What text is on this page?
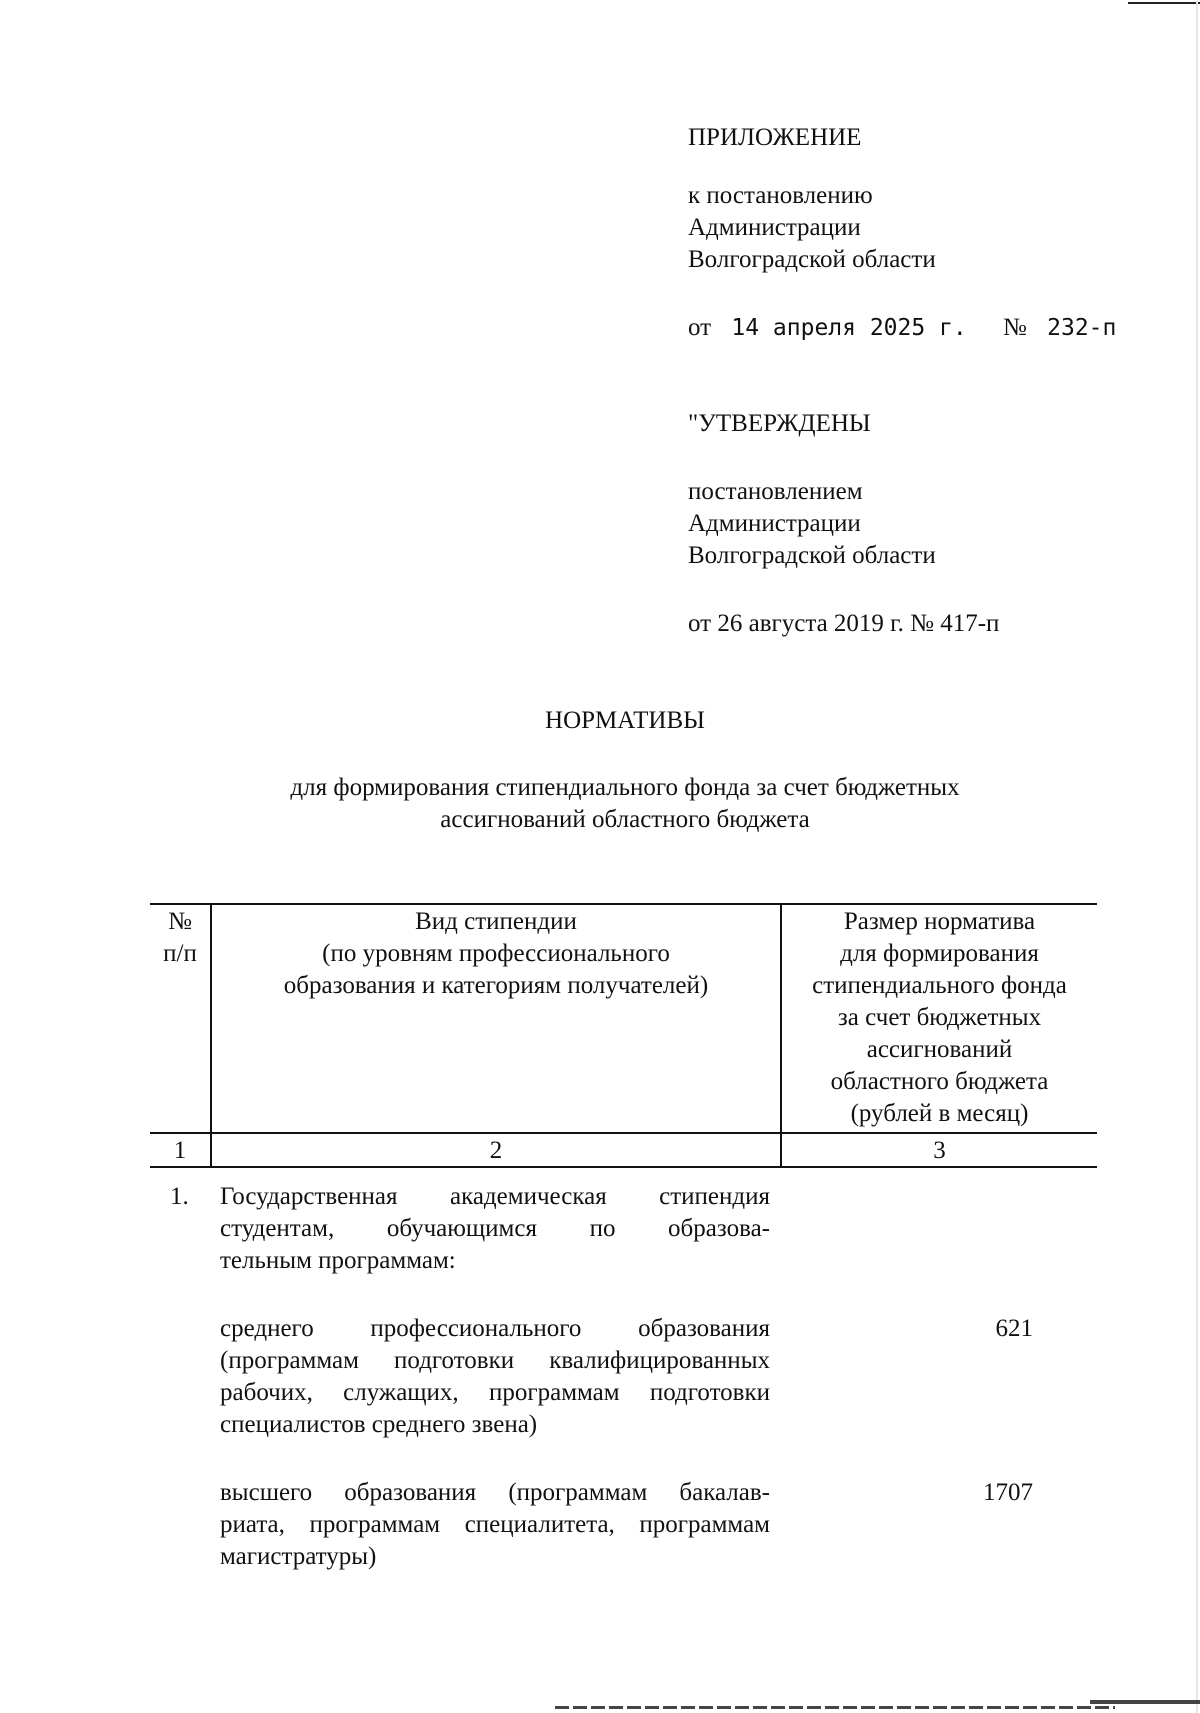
ПРИЛОЖЕНИЕ
к постановлению
Администрации
Волгоградской области
от 14 апреля 2025 г. № 232-п
"УТВЕРЖДЕНЫ
постановлением
Администрации
Волгоградской области
от 26 августа 2019 г. № 417-п
НОРМАТИВЫ
для формирования стипендиального фонда за счет бюджетных
ассигнований областного бюджета
№
п/п
Вид стипендии
(по уровням профессионального
образования и категориям получателей)
Размер норматива
для формирования
стипендиального фонда
за счет бюджетных
ассигнований
областного бюджета
(рублей в месяц)
1	2	3
1. Государственная академическая стипендия
студентам, обучающимся по образова-
тельным программам:
среднего профессионального образования
(программам подготовки квалифицированных
рабочих, служащих, программам подготовки
специалистов среднего звена)
621
высшего образования (программам бакалав-
риата, программам специалитета, программам
магистратуры)
1707
